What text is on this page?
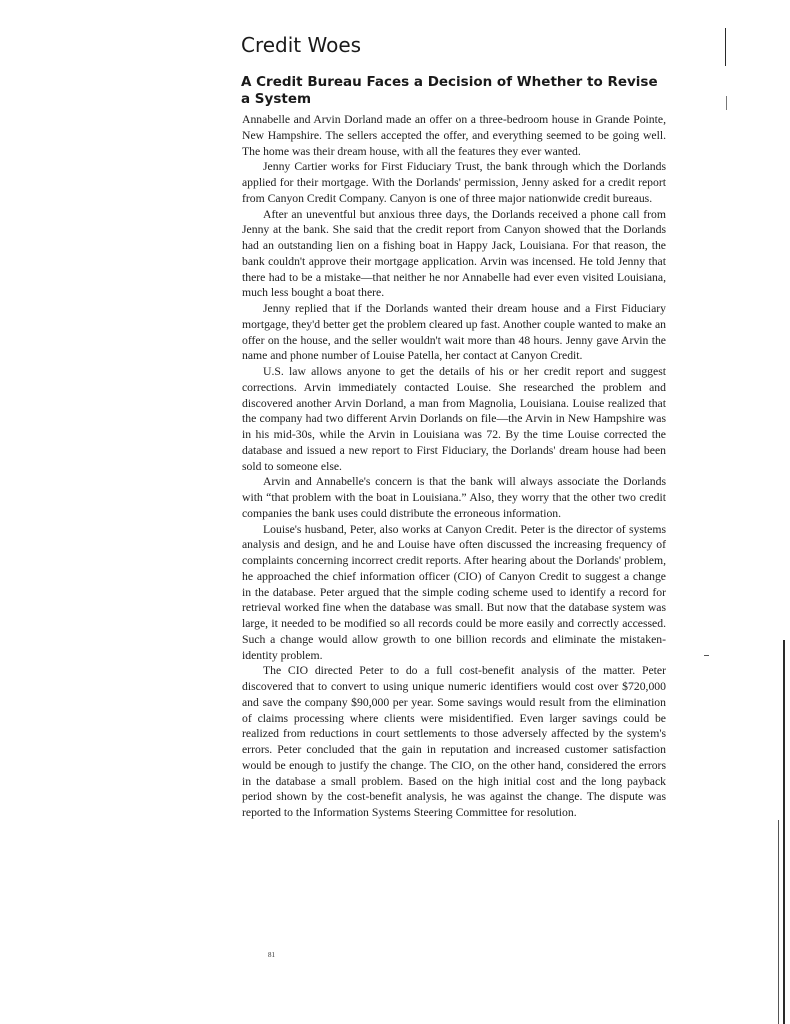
Credit Woes
A Credit Bureau Faces a Decision of Whether to Revise a System

Annabelle and Arvin Dorland made an offer on a three-bedroom house in Grande Pointe, New Hampshire. The sellers accepted the offer, and everything seemed to be going well. The home was their dream house, with all the features they ever wanted.

Jenny Cartier works for First Fiduciary Trust, the bank through which the Dorlands applied for their mortgage. With the Dorlands' permission, Jenny asked for a credit report from Canyon Credit Company. Canyon is one of three major nationwide credit bureaus.

After an uneventful but anxious three days, the Dorlands received a phone call from Jenny at the bank. She said that the credit report from Canyon showed that the Dorlands had an outstanding lien on a fishing boat in Happy Jack, Louisiana. For that reason, the bank couldn't approve their mortgage application. Arvin was incensed. He told Jenny that there had to be a mistake—that neither he nor Annabelle had ever even visited Louisiana, much less bought a boat there.

Jenny replied that if the Dorlands wanted their dream house and a First Fiduciary mortgage, they'd better get the problem cleared up fast. Another couple wanted to make an offer on the house, and the seller wouldn't wait more than 48 hours. Jenny gave Arvin the name and phone number of Louise Patella, her contact at Canyon Credit.

U.S. law allows anyone to get the details of his or her credit report and suggest corrections. Arvin immediately contacted Louise. She researched the problem and discovered another Arvin Dorland, a man from Magnolia, Louisiana. Louise realized that the company had two different Arvin Dorlands on file—the Arvin in New Hampshire was in his mid-30s, while the Arvin in Louisiana was 72. By the time Louise corrected the database and issued a new report to First Fiduciary, the Dorlands' dream house had been sold to someone else.

Arvin and Annabelle's concern is that the bank will always associate the Dorlands with “that problem with the boat in Louisiana.” Also, they worry that the other two credit companies the bank uses could distribute the erroneous information.

Louise's husband, Peter, also works at Canyon Credit. Peter is the director of systems analysis and design, and he and Louise have often discussed the increasing frequency of complaints concerning incorrect credit reports. After hearing about the Dorlands' problem, he approached the chief information officer (CIO) of Canyon Credit to suggest a change in the database. Peter argued that the simple coding scheme used to identify a record for retrieval worked fine when the database was small. But now that the database system was large, it needed to be modified so all records could be more easily and correctly accessed. Such a change would allow growth to one billion records and eliminate the mistaken-identity problem.

The CIO directed Peter to do a full cost-benefit analysis of the matter. Peter discovered that to convert to using unique numeric identifiers would cost over $720,000 and save the company $90,000 per year. Some savings would result from the elimination of claims processing where clients were misidentified. Even larger savings could be realized from reductions in court settlements to those adversely affected by the system's errors. Peter concluded that the gain in reputation and increased customer satisfaction would be enough to justify the change. The CIO, on the other hand, considered the errors in the database a small problem. Based on the high initial cost and the long payback period shown by the cost-benefit analysis, he was against the change. The dispute was reported to the Information Systems Steering Committee for resolution.

81
